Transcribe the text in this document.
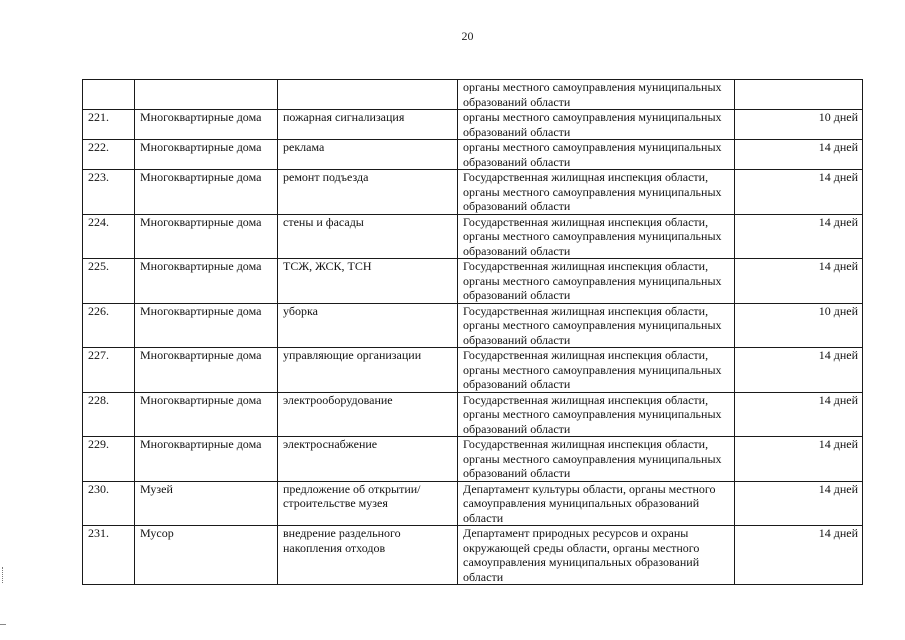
20
			органы местного самоуправления муниципальных образований области	
221.	Многоквартирные дома	пожарная сигнализация	органы местного самоуправления муниципальных образований области	10 дней
222.	Многоквартирные дома	реклама	органы местного самоуправления муниципальных образований области	14 дней
223.	Многоквартирные дома	ремонт подъезда	Государственная жилищная инспекция области, органы местного самоуправления муниципальных образований области	14 дней
224.	Многоквартирные дома	стены и фасады	Государственная жилищная инспекция области, органы местного самоуправления муниципальных образований области	14 дней
225.	Многоквартирные дома	ТСЖ, ЖСК, ТСН	Государственная жилищная инспекция области, органы местного самоуправления муниципальных образований области	14 дней
226.	Многоквартирные дома	уборка	Государственная жилищная инспекция области, органы местного самоуправления муниципальных образований области	10 дней
227.	Многоквартирные дома	управляющие организации	Государственная жилищная инспекция области, органы местного самоуправления муниципальных образований области	14 дней
228.	Многоквартирные дома	электрооборудование	Государственная жилищная инспекция области, органы местного самоуправления муниципальных образований области	14 дней
229.	Многоквартирные дома	электроснабжение	Государственная жилищная инспекция области, органы местного самоуправления муниципальных образований области	14 дней
230.	Музей	предложение об открытии/строительстве музея	Департамент культуры области, органы местного самоуправления муниципальных образований области	14 дней
231.	Мусор	внедрение раздельного накопления отходов	Департамент природных ресурсов и охраны окружающей среды области, органы местного самоуправления муниципальных образований области	14 дней
